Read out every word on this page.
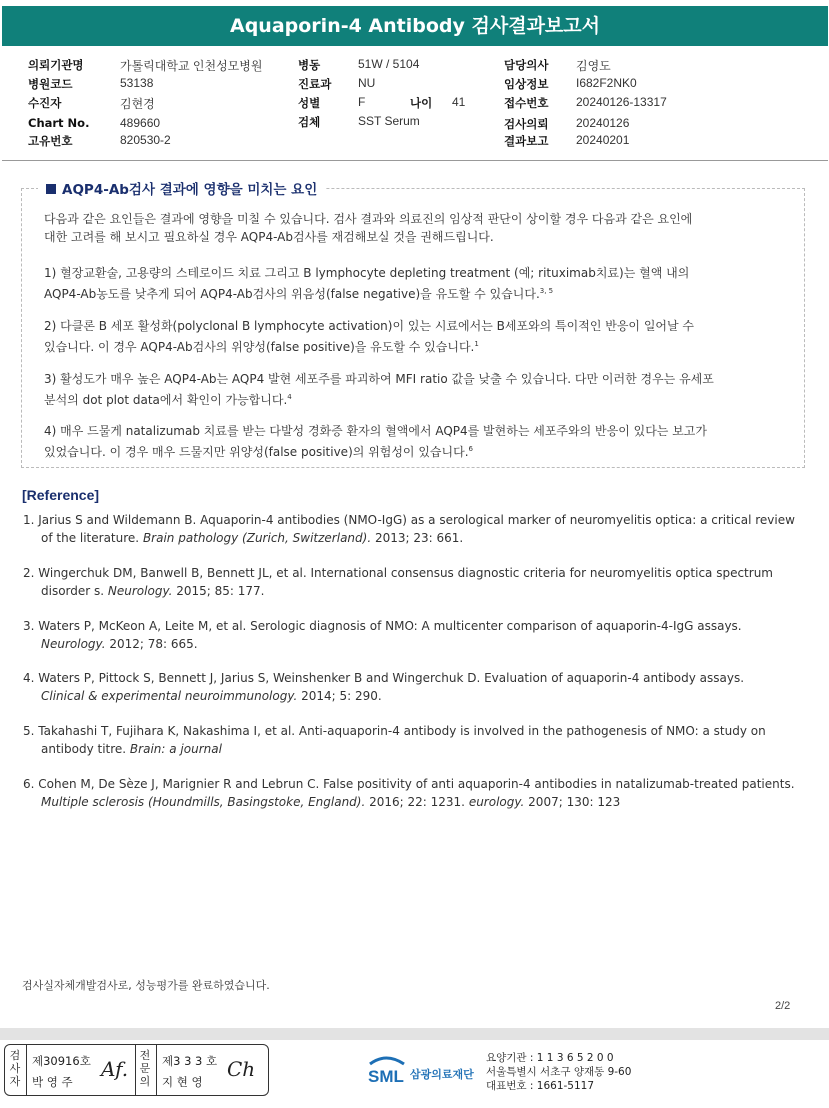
Aquaporin-4 Antibody 검사결과보고서
의뢰기관명	가톨릭대학교 인천성모병원
병원코드	53138
수진자	김현경
Chart No.	489660
고유번호	820530-2
병동	51W / 5104
진료과 NU
성별	F	나이 41
검체	SST Serum
담당의사 김영도
임상정보 I682F2NK0
접수번호 20240126-13317
검사의뢰 20240126
결과보고 20240201
AQP4-Ab검사 결과에 영향을 미치는 요인
다음과 같은 요인들은 결과에 영향을 미칠 수 있습니다. 검사 결과와 의료진의 임상적 판단이 상이할 경우 다음과 같은 요인에
대한 고려를 해 보시고 필요하실 경우 AQP4-Ab검사를 재검해보실 것을 권해드립니다.
1) 혈장교환술, 고용량의 스테로이드 치료 그리고 B lymphocyte depleting treatment (예; rituximab치료)는 혈액 내의
AQP4-Ab농도를 낮추게 되어 AQP4-Ab검사의 위음성(false negative)을 유도할 수 있습니다.$^{3, 5}$
2) 다클론 B 세포 활성화(polyclonal B lymphocyte activation)이 있는 시료에서는 B세포와의 특이적인 반응이 일어날 수
있습니다. 이 경우 AQP4-Ab검사의 위양성(false positive)을 유도할 수 있습니다.$^1$
3) 활성도가 매우 높은 AQP4-Ab는 AQP4 발현 세포주를 파괴하여 MFI ratio 값을 낮출 수 있습니다. 다만 이러한 경우는 유세포
분석의 dot plot data에서 확인이 가능합니다.$^4$
4) 매우 드물게 natalizumab 치료를 받는 다발성 경화증 환자의 혈액에서 AQP4를 발현하는 세포주와의 반응이 있다는 보고가
있었습니다. 이 경우 매우 드물지만 위양성(false positive)의 위험성이 있습니다.$^6$
[Reference]
1. Jarius S and Wildemann B. Aquaporin-4 antibodies (NMO-IgG) as a serological marker of neuromyelitis optica: a critical review
of the literature. Brain pathology (Zurich, Switzerland). 2013; 23: 661.
2. Wingerchuk DM, Banwell B, Bennett JL, et al. International consensus diagnostic criteria for neuromyelitis optica spectrum
disorder s. Neurology. 2015; 85: 177.
3. Waters P, McKeon A, Leite M, et al. Serologic diagnosis of NMO: A multicenter comparison of aquaporin-4-IgG assays.
Neurology. 2012; 78: 665.
4. Waters P, Pittock S, Bennett J, Jarius S, Weinshenker B and Wingerchuk D. Evaluation of aquaporin-4 antibody assays.
Clinical & experimental neuroimmunology. 2014; 5: 290.
5. Takahashi T, Fujihara K, Nakashima I, et al. Anti-aquaporin-4 antibody is involved in the pathogenesis of NMO: a study on
antibody titre. Brain: a journal
6. Cohen M, De Sèze J, Marignier R and Lebrun C. False positivity of anti aquaporin-4 antibodies in natalizumab-treated patients.
Multiple sclerosis (Houndmills, Basingstoke, England). 2016; 22: 1231. eurology. 2007; 130: 123
검사실자체개발검사로, 성능평가를 완료하였습니다.
2/2
검
사
자
제30916호
박 영 주
Af.
전
문
의
제3 3 3 호
지 현 영
Ch	SML 삼광의료재단
요양기관 : 1 1 3 6 5 2 0 0
서울특별시 서초구 양재동 9-60
대표번호 : 1661-5117
